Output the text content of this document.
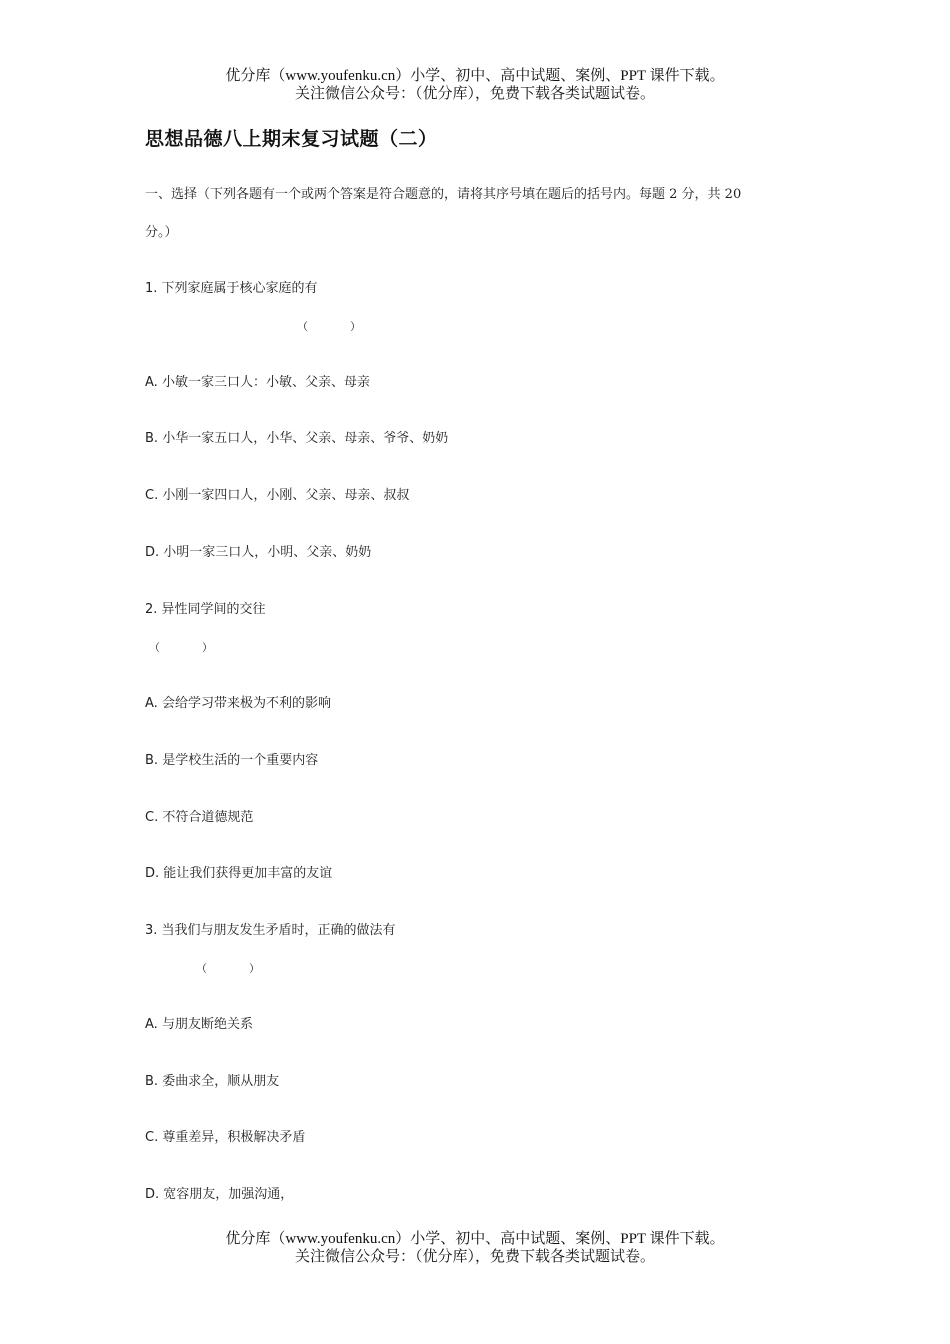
优分库（www.youfenku.cn）小学、初中、高中试题、案例、PPT 课件下载。
关注微信公众号：（优分库），免费下载各类试题试卷。
思想品德八上期末复习试题（二）
一、选择（下列各题有一个或两个答案是符合题意的，请将其序号填在题后的括号内。每题 2 分，共 20
分。）
1. 下列家庭属于核心家庭的有
（            ）
A. 小敏一家三口人：小敏、父亲、母亲
B. 小华一家五口人，小华、父亲、母亲、爷爷、奶奶
C. 小刚一家四口人，小刚、父亲、母亲、叔叔
D. 小明一家三口人，小明、父亲、奶奶
2. 异性同学间的交往
（            ）
A. 会给学习带来极为不利的影响
B. 是学校生活的一个重要内容
C. 不符合道德规范
D. 能让我们获得更加丰富的友谊
3. 当我们与朋友发生矛盾时，正确的做法有
（            ）
A. 与朋友断绝关系
B. 委曲求全，顺从朋友
C. 尊重差异，积极解决矛盾
D. 宽容朋友，加强沟通，
优分库（www.youfenku.cn）小学、初中、高中试题、案例、PPT 课件下载。
关注微信公众号：（优分库），免费下载各类试题试卷。
